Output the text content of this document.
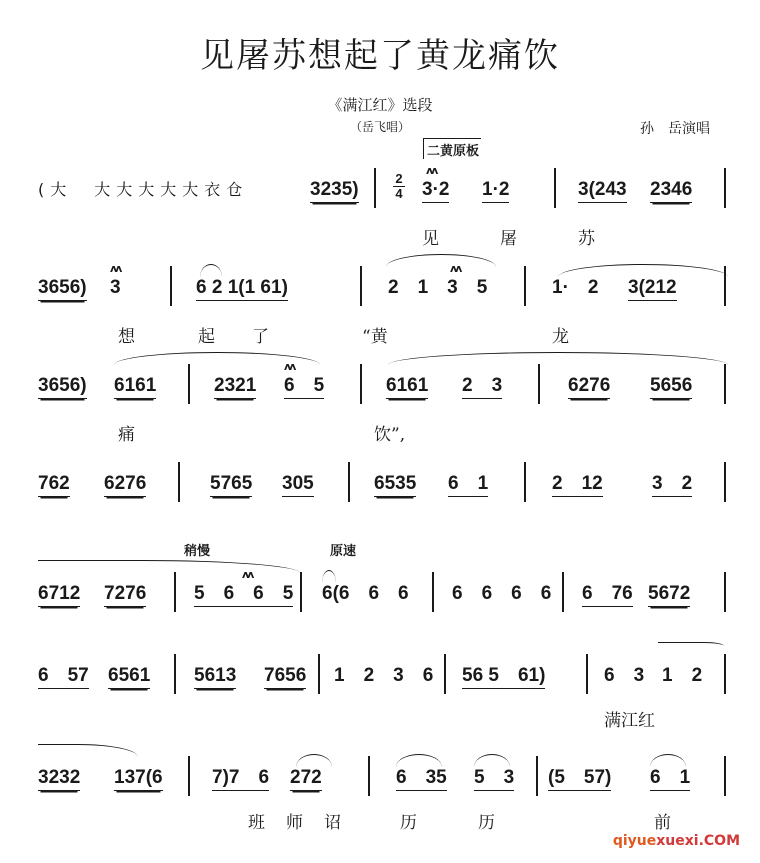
见屠苏想起了黄龙痛饮
《满江红》选段
（岳飞唱）	孙　岳演唱
二黄原板
(大　大大大大大衣仓	3235)
2
4
ʌʌ
3·2 1·2	3(243 2346
见	屠	苏
3656)
ʌʌ
3	6 2 1(1 61)
ʌʌ
2　1　3　5	1·　2 3(212
想	起 了	“黄	龙
3656) 6161	2321
ʌʌ
6　5	6161 2　3	6276 5656
痛	饮”,
762 6276	5765 305	6535 6　1	2　12	3　2
稍慢	原速
6712 7276
ʌʌ
5　6　6　5 6(6　6　6 6　6　6　6 6　76 5672
6　57 6561 5613 7656 1　2　3　6 56 5　61)	6　3 1　2
满江红
3232 137(6	7)7　6 272	6　35 5　3 (5　57) 6　1
班 师 诏	历	历	前
qiyuexuexi.COM
